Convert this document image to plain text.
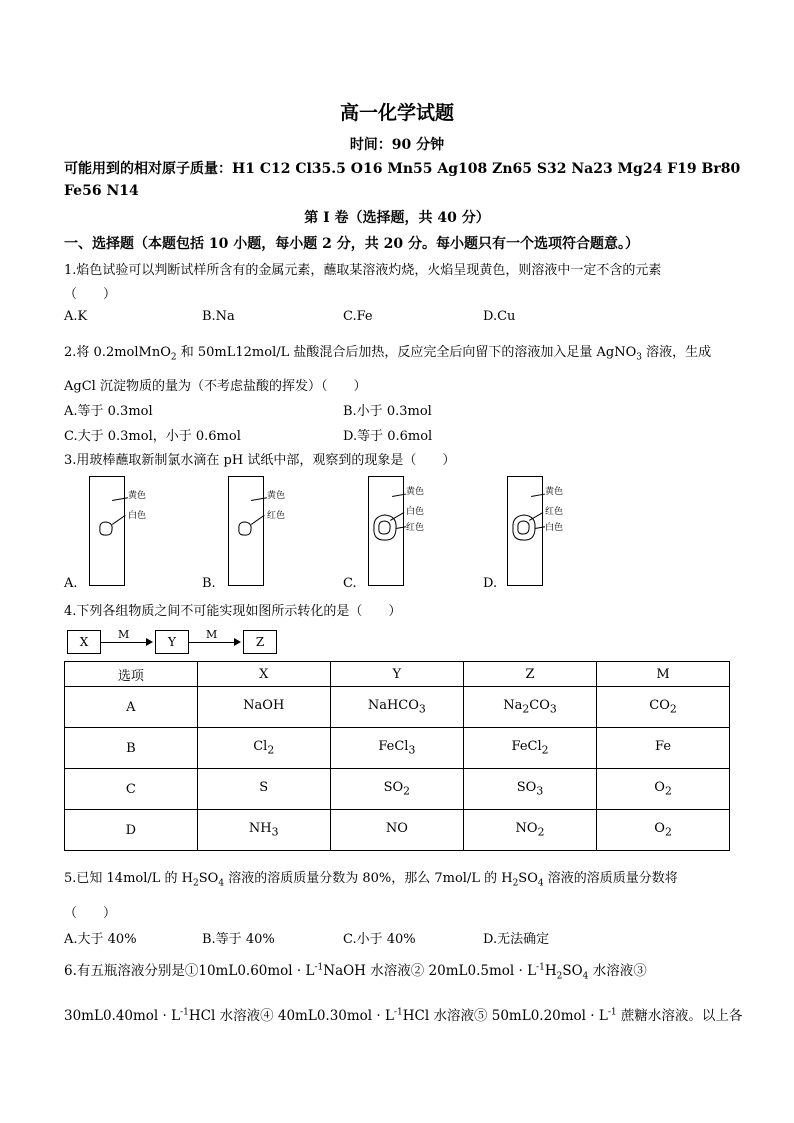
高一化学试题
时间：90 分钟
可能用到的相对原子质量：H1 C12 Cl35.5 O16 Mn55 Ag108 Zn65 S32 Na23 Mg24 F19 Br80
Fe56 N14
第 I 卷（选择题，共 40 分）
一、选择题（本题包括 10 小题，每小题 2 分，共 20 分。每小题只有一个选项符合题意。）
1.焰色试验可以判断试样所含有的金属元素，蘸取某溶液灼烧，火焰呈现黄色，则溶液中一定不含的元素
（　　）
A.K	B.Na	C.Fe	D.Cu
2.将 0.2molMnO$_2$ 和 50mL12mol/L 盐酸混合后加热，反应完全后向留下的溶液加入足量 AgNO$_3$ 溶液，生成
AgCl 沉淀物质的量为（不考虑盐酸的挥发）（　　）
A.等于 0.3mol	B.小于 0.3mol
C.大于 0.3mol，小于 0.6mol	D.等于 0.6mol
3.用玻棒蘸取新制氯水滴在 pH 试纸中部，观察到的现象是（　　）
黄色
白色
A.
黄色
红色
B.
黄色
白色
红色
C.
黄色
红色
白色
D.
4.下列各组物质之间不可能实现如图所示转化的是（　　）
X
M
Y
M
Z
选项	X	Y	Z	M
A	NaOH	NaHCO$_3$	$Na_2CO_3$	$CO_2$
B	$Cl_2$	FeCl$_3$	FeCl$_2$	Fe
C	S	$SO_2$	$SO_3$	$O_2$
D	$NH_3$	NO	$NO_2$	$O_2$
5.已知 14mol/L 的 $H_2SO_4$ 溶液的溶质质量分数为 80%，那么 7mol/L 的 $H_2SO_4$ 溶液的溶质质量分数将
（　　）
A.大于 40%	B.等于 40%	C.小于 40%	D.无法确定
6.有五瓶溶液分别是①10mL0.60mol · $L^{-1}NaOH$ 水溶液② $20mL0.5mol \cdot L^{-1}H_2SO_4$ 水溶液③
$30mL0.40mol \cdot L^{-1}HCl$ 水溶液④ $40mL0.30mol \cdot L^{-1}HCl$ 水溶液⑤ $50mL0.20mol \cdot L^{-1}$ 蔗糖水溶液。以上各
